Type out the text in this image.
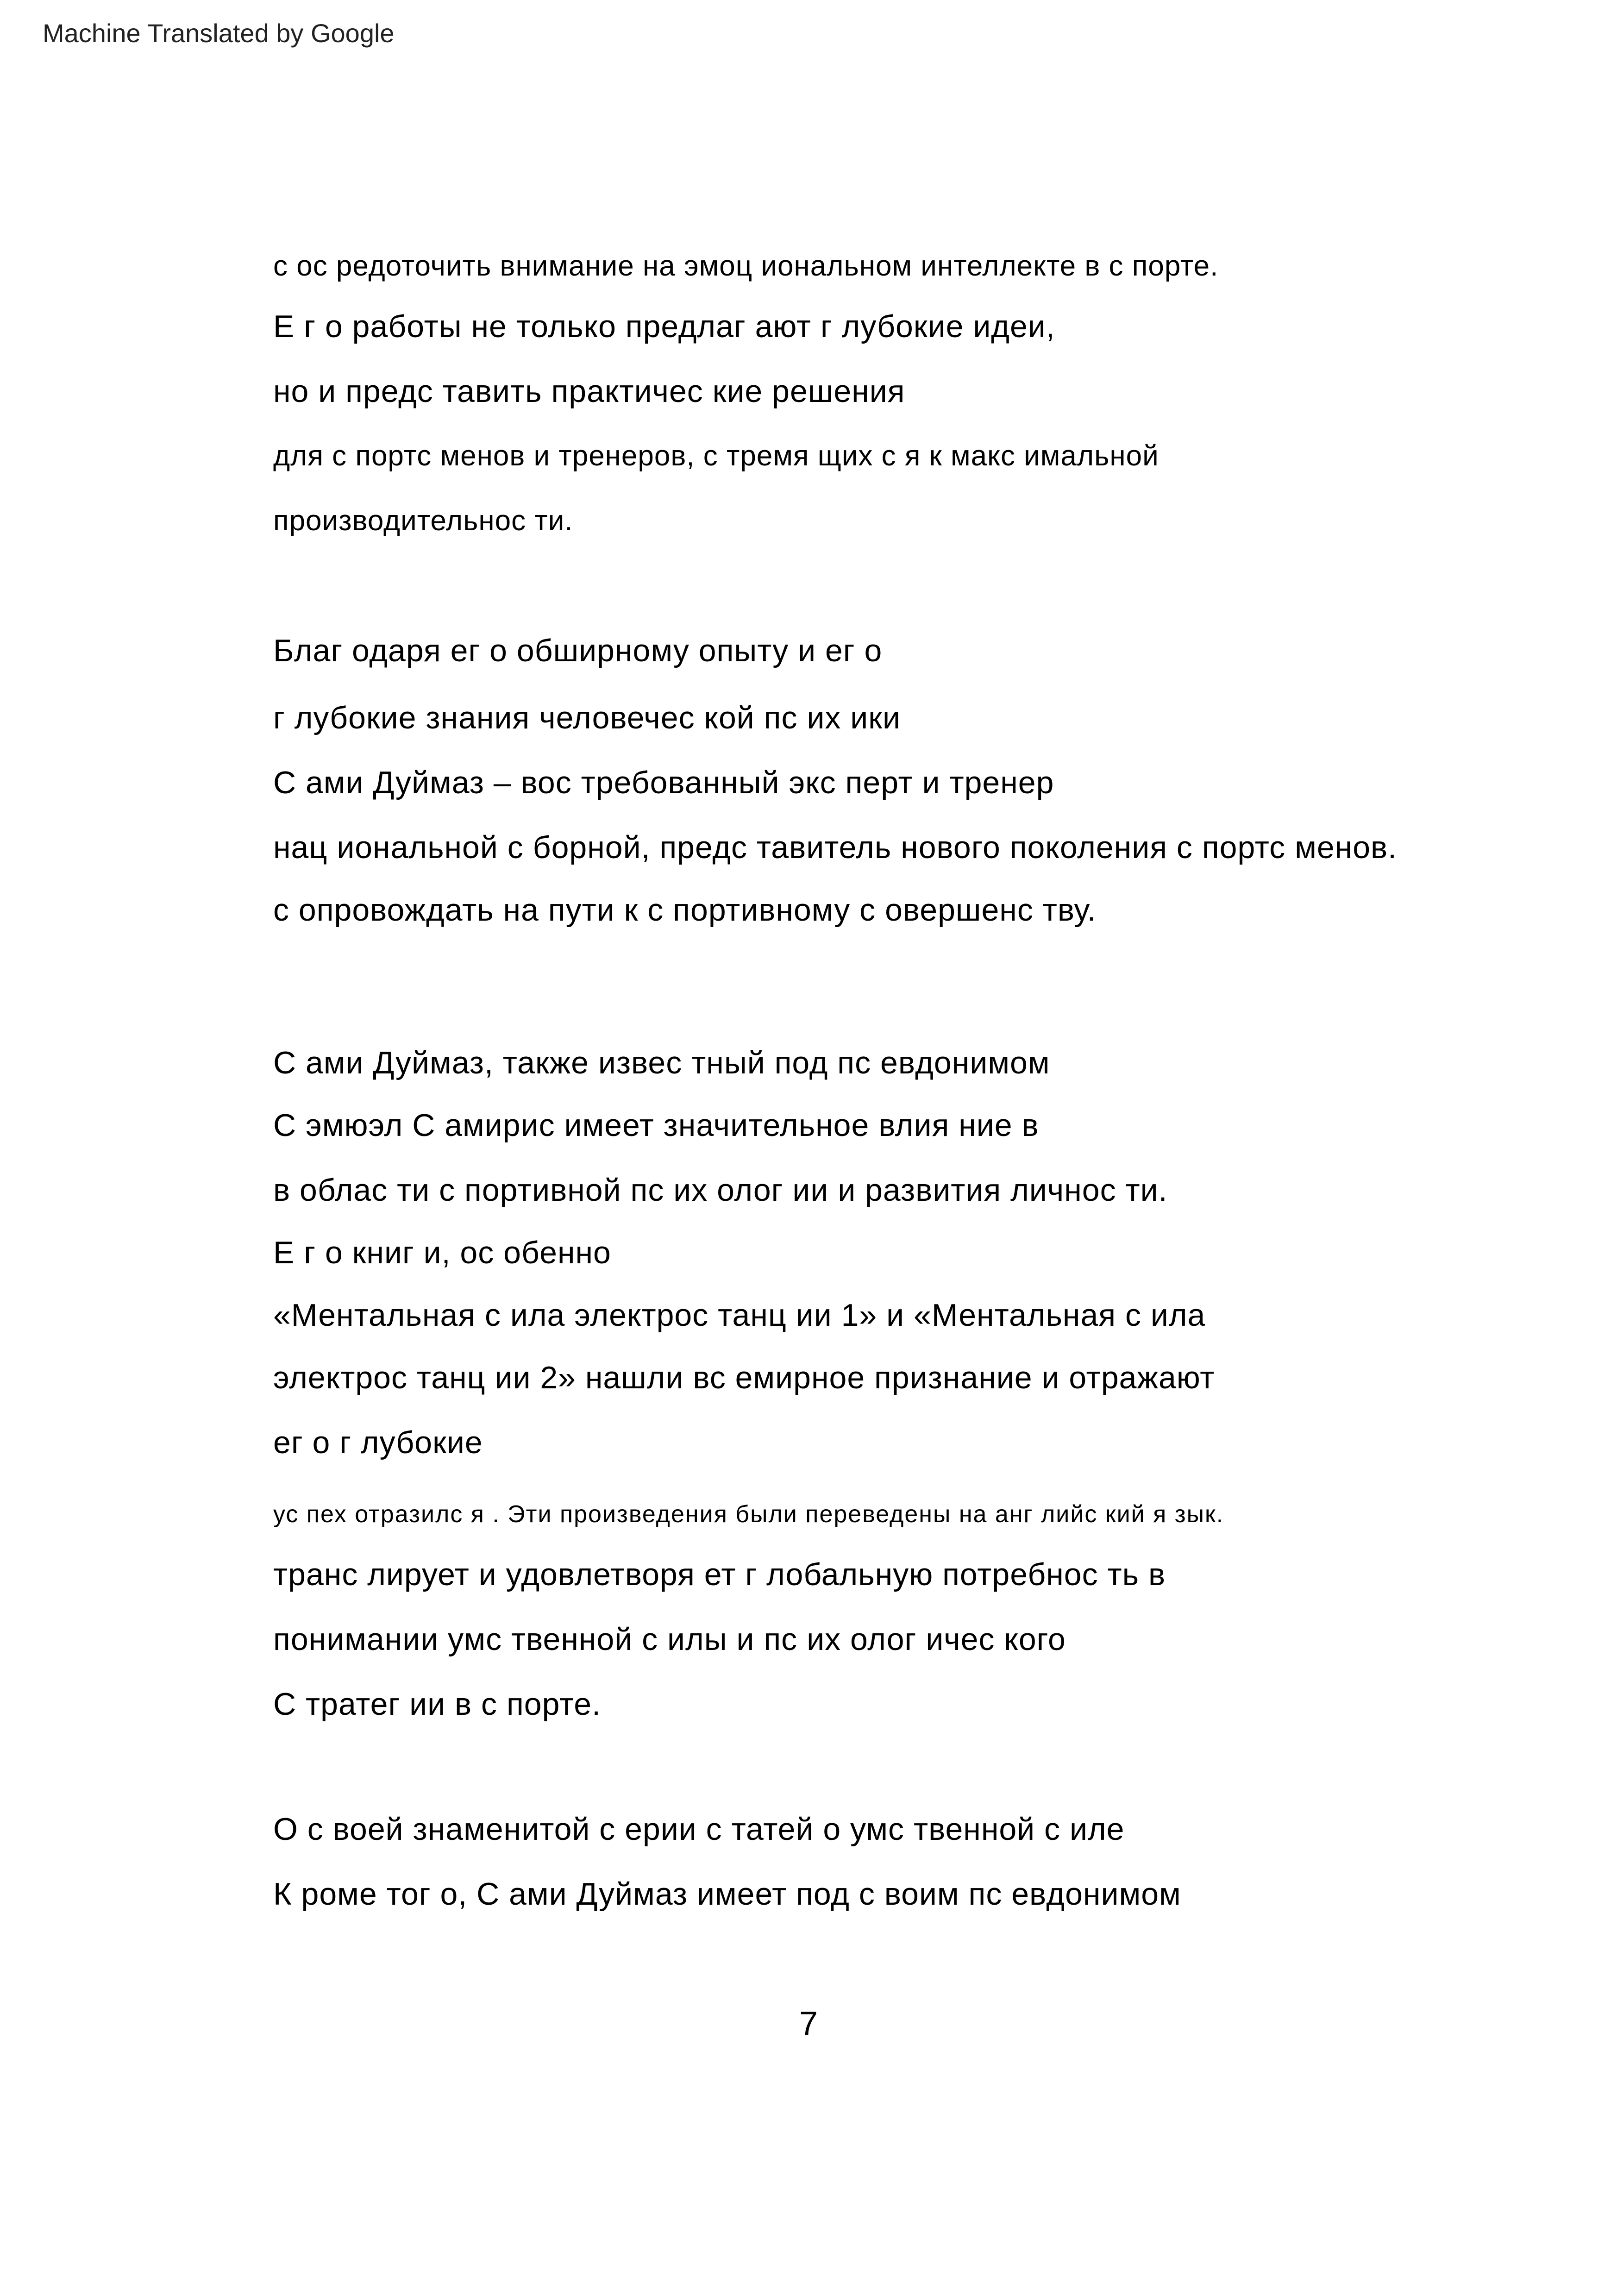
Machine Translated by Google
с ос редоточить внимание на эмоц иональном интеллекте в с порте.
Е г о работы не только предлаг ают г лубокие идеи,
но и предс тавить практичес кие решения
для с портс менов и тренеров, с тремя щих с я к макс имальной
производительнос ти.
Благ одаря ег о обширному опыту и ег о
г лубокие знания человечес кой пс их ики
С ами Дуймаз – вос требованный экс перт и тренер
нац иональной с борной, предс тавитель нового поколения с портс менов.
с опровождать на пути к с портивному с овершенс тву.
С ами Дуймаз, также извес тный под пс евдонимом
С эмюэл С амирис имеет значительное влия ние в
в облас ти с портивной пс их олог ии и развития личнос ти.
Е г о книг и, ос обенно
«Ментальная с ила электрос танц ии 1» и «Ментальная с ила
электрос танц ии 2» нашли вс емирное признание и отражают
ег о г лубокие
ус пех отразилс я . Эти произведения были переведены на анг лийс кий я зык.
транс лирует и удовлетворя ет г лобальную потребнос ть в
понимании умс твенной с илы и пс их олог ичес кого
С тратег ии в с порте.
О с воей знаменитой с ерии с татей о умс твенной с иле
К роме тог о, С ами Дуймаз имеет под с воим пс евдонимом
7
